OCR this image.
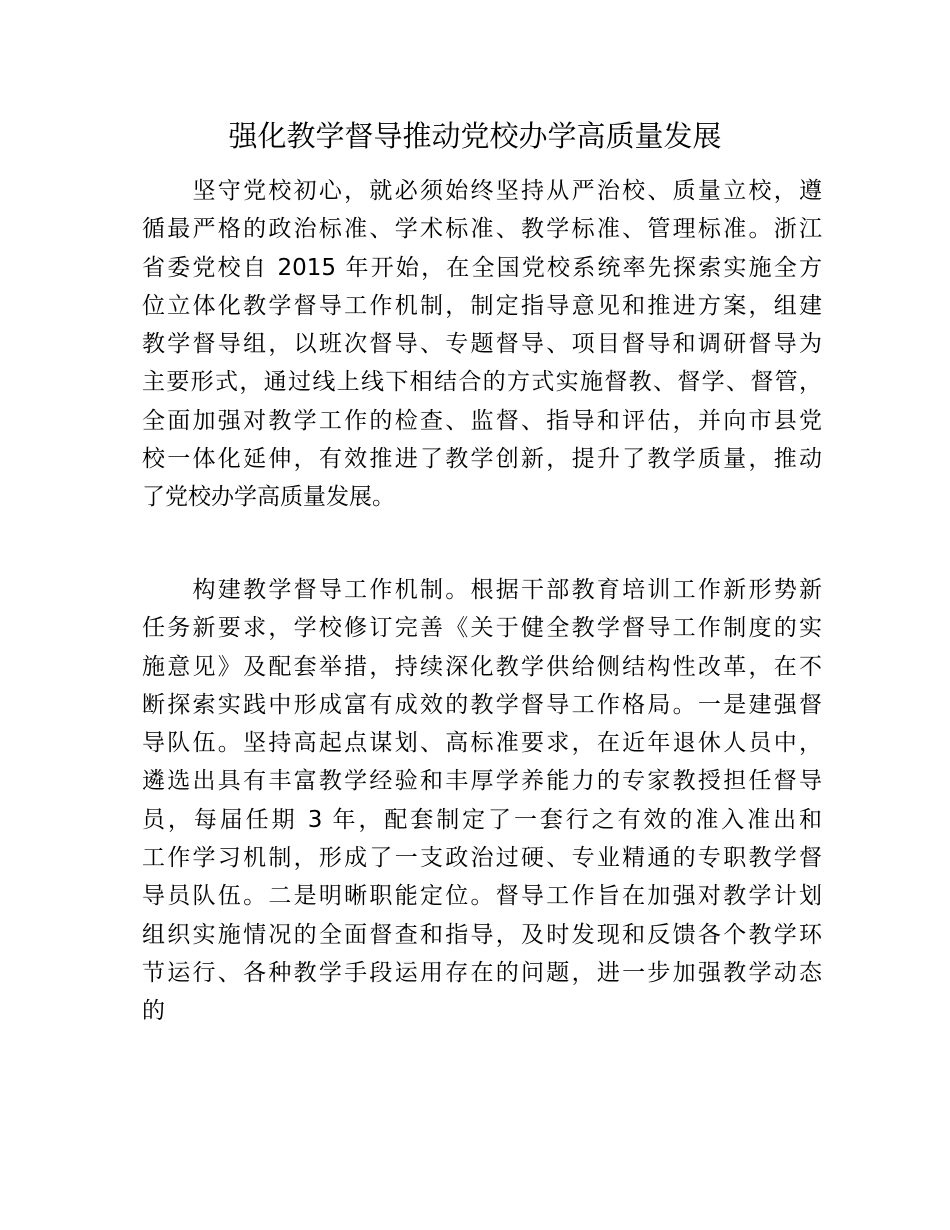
强化教学督导推动党校办学高质量发展
　　坚守党校初心，就必须始终坚持从严治校、质量立校，遵
循最严格的政治标准、学术标准、教学标准、管理标准。浙江
省委党校自 2015 年开始，在全国党校系统率先探索实施全方
位立体化教学督导工作机制，制定指导意见和推进方案，组建
教学督导组，以班次督导、专题督导、项目督导和调研督导为
主要形式，通过线上线下相结合的方式实施督教、督学、督管，
全面加强对教学工作的检查、监督、指导和评估，并向市县党
校一体化延伸，有效推进了教学创新，提升了教学质量，推动
了党校办学高质量发展。
　　构建教学督导工作机制。根据干部教育培训工作新形势新
任务新要求，学校修订完善《关于健全教学督导工作制度的实
施意见》及配套举措，持续深化教学供给侧结构性改革，在不
断探索实践中形成富有成效的教学督导工作格局。一是建强督
导队伍。坚持高起点谋划、高标准要求，在近年退休人员中，
遴选出具有丰富教学经验和丰厚学养能力的专家教授担任督导
员，每届任期 3 年，配套制定了一套行之有效的准入准出和
工作学习机制，形成了一支政治过硬、专业精通的专职教学督
导员队伍。二是明晰职能定位。督导工作旨在加强对教学计划
组织实施情况的全面督查和指导，及时发现和反馈各个教学环
节运行、各种教学手段运用存在的问题，进一步加强教学动态
的
